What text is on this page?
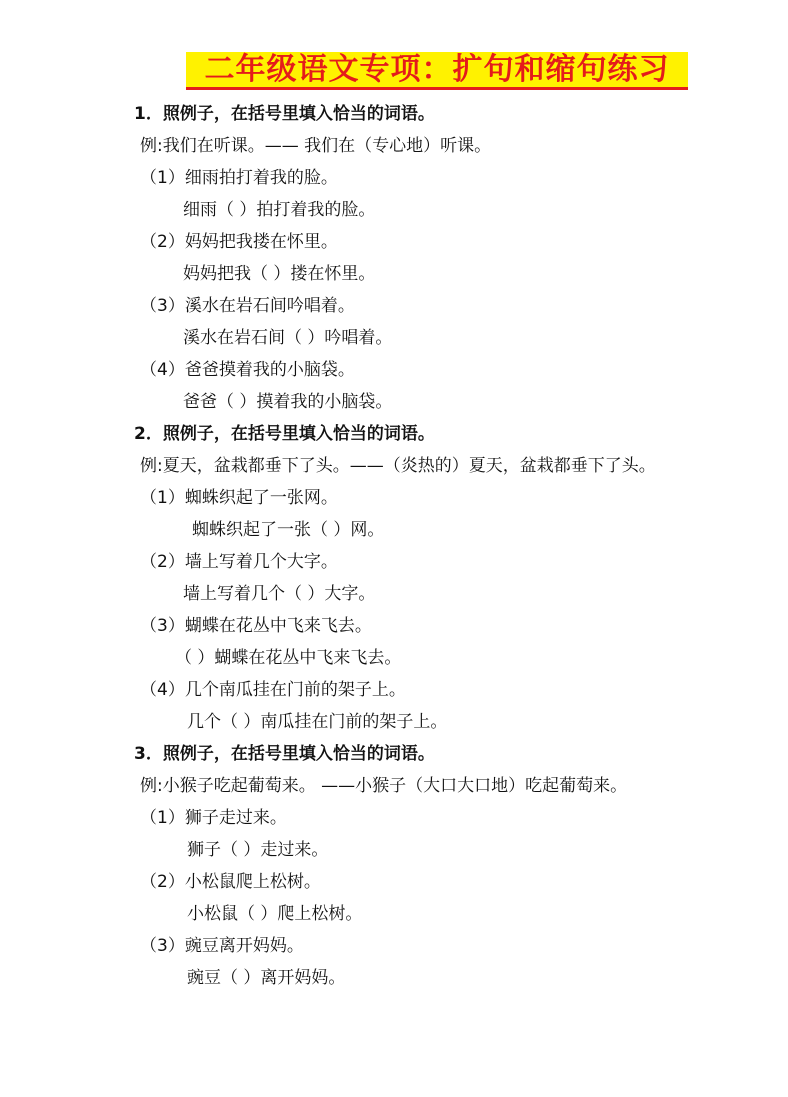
二年级语文专项：扩句和缩句练习
1．照例子，在括号里填入恰当的词语。
例:我们在听课。—— 我们在（专心地）听课。
（1）细雨拍打着我的脸。
细雨（ ）拍打着我的脸。
（2）妈妈把我搂在怀里。
妈妈把我（ ）搂在怀里。
（3）溪水在岩石间吟唱着。
溪水在岩石间（ ）吟唱着。
（4）爸爸摸着我的小脑袋。
爸爸（ ）摸着我的小脑袋。
2．照例子，在括号里填入恰当的词语。
例:夏天，盆栽都垂下了头。——（炎热的）夏天，盆栽都垂下了头。
（1）蜘蛛织起了一张网。
蜘蛛织起了一张（ ）网。
（2）墙上写着几个大字。
墙上写着几个（ ）大字。
（3）蝴蝶在花丛中飞来飞去。
（ ）蝴蝶在花丛中飞来飞去。
（4）几个南瓜挂在门前的架子上。
几个（ ）南瓜挂在门前的架子上。
3．照例子，在括号里填入恰当的词语。
例:小猴子吃起葡萄来。 ——小猴子（大口大口地）吃起葡萄来。
（1）狮子走过来。
狮子（ ）走过来。
（2）小松鼠爬上松树。
小松鼠（ ）爬上松树。
（3）豌豆离开妈妈。
豌豆（ ）离开妈妈。
